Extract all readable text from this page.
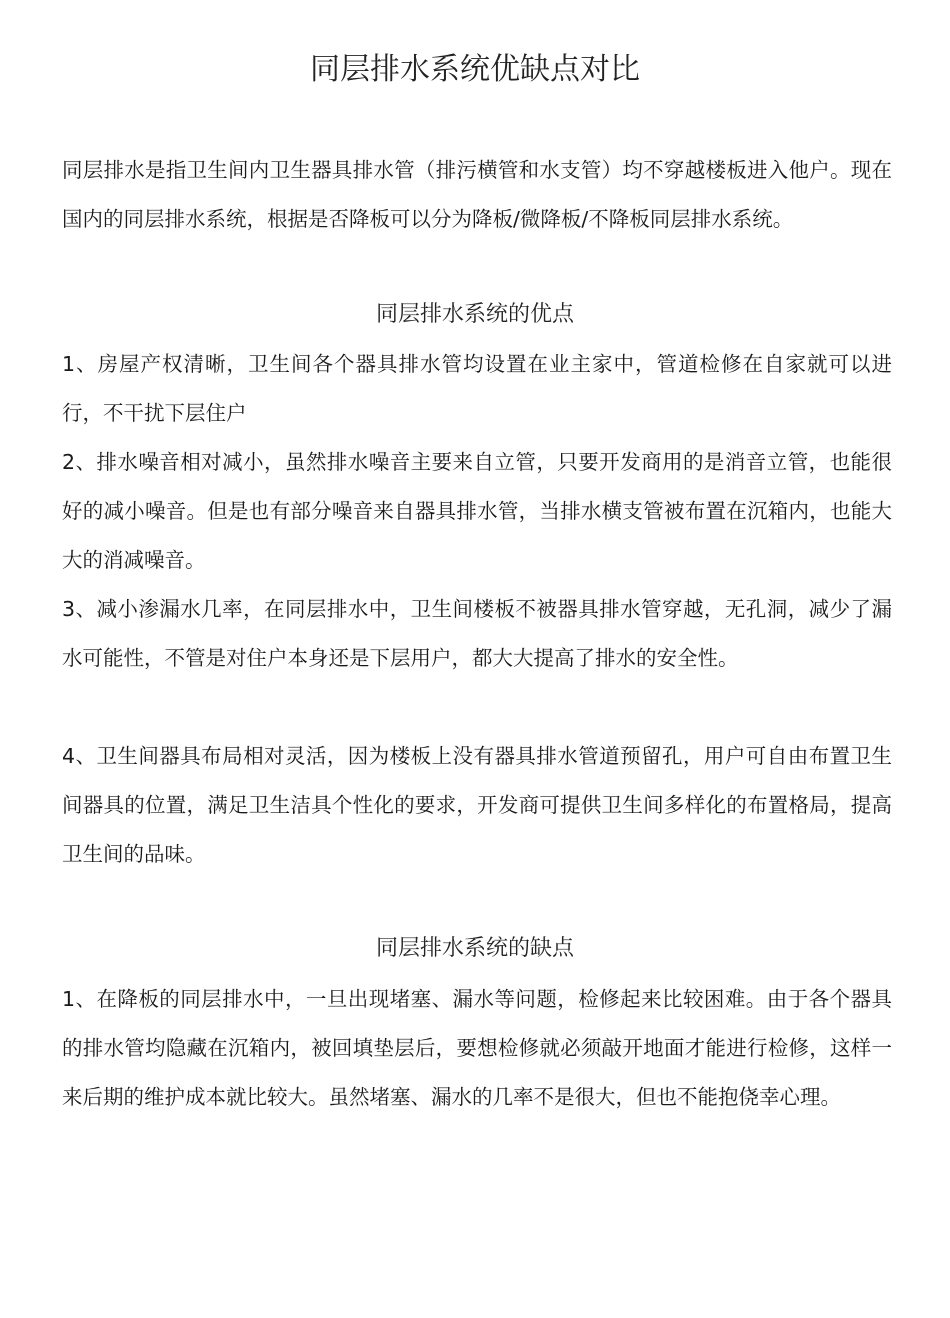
同层排水系统优缺点对比

同层排水是指卫生间内卫生器具排水管（排污横管和水支管）均不穿越楼板进入他户。现在国内的同层排水系统，根据是否降板可以分为降板/微降板/不降板同层排水系统。

同层排水系统的优点

1、房屋产权清晰，卫生间各个器具排水管均设置在业主家中，管道检修在自家就可以进行，不干扰下层住户

2、排水噪音相对减小，虽然排水噪音主要来自立管，只要开发商用的是消音立管，也能很好的减小噪音。但是也有部分噪音来自器具排水管，当排水横支管被布置在沉箱内，也能大大的消减噪音。

3、减小渗漏水几率，在同层排水中，卫生间楼板不被器具排水管穿越，无孔洞，减少了漏水可能性，不管是对住户本身还是下层用户，都大大提高了排水的安全性。

4、卫生间器具布局相对灵活，因为楼板上没有器具排水管道预留孔，用户可自由布置卫生间器具的位置，满足卫生洁具个性化的要求，开发商可提供卫生间多样化的布置格局，提高卫生间的品味。

同层排水系统的缺点

1、在降板的同层排水中，一旦出现堵塞、漏水等问题，检修起来比较困难。由于各个器具的排水管均隐藏在沉箱内，被回填垫层后，要想检修就必须敲开地面才能进行检修，这样一来后期的维护成本就比较大。虽然堵塞、漏水的几率不是很大，但也不能抱侥幸心理。
